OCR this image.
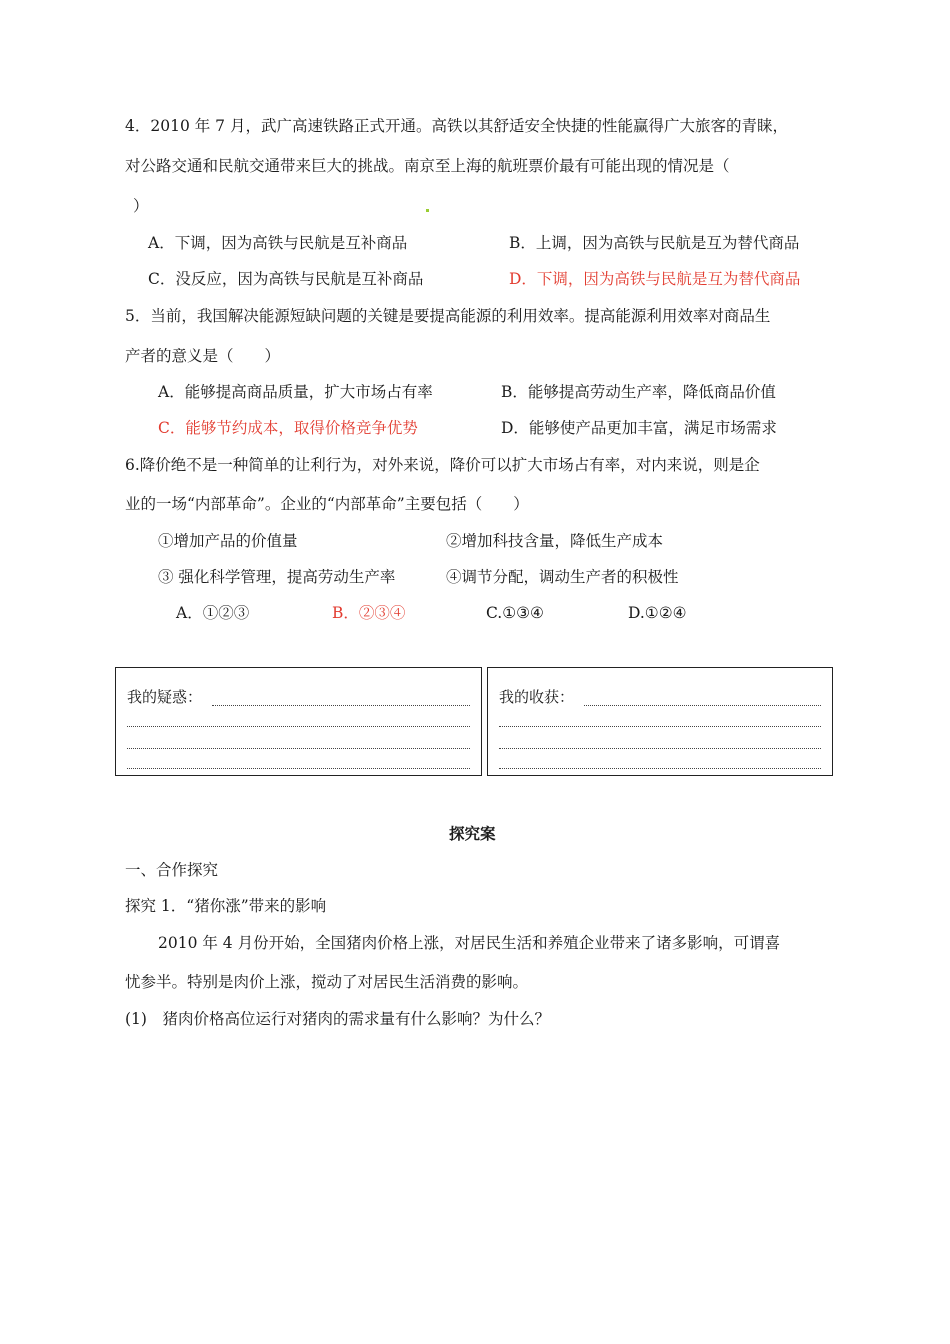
4．2010 年 7 月，武广高速铁路正式开通。高铁以其舒适安全快捷的性能赢得广大旅客的青睐，
对公路交通和民航交通带来巨大的挑战。南京至上海的航班票价最有可能出现的情况是（
）
A．下调，因为高铁与民航是互补商品	B．上调，因为高铁与民航是互为替代商品
C．没反应，因为高铁与民航是互补商品	D．下调，因为高铁与民航是互为替代商品
5．当前，我国解决能源短缺问题的关键是要提高能源的利用效率。提高能源利用效率对商品生
产者的意义是（　　）
A．能够提高商品质量，扩大市场占有率	B．能够提高劳动生产率，降低商品价值
C．能够节约成本，取得价格竞争优势	D．能够使产品更加丰富，满足市场需求
6.降价绝不是一种简单的让利行为，对外来说，降价可以扩大市场占有率，对内来说，则是企
业的一场“内部革命”。企业的“内部革命”主要包括（　　）
①增加产品的价值量	②增加科技含量，降低生产成本
③ 强化科学管理，提高劳动生产率	④调节分配，调动生产者的积极性
A．①②③	B．②③④	C.①③④	D.①②④
我的疑惑：	我的收获：
探究案
一、合作探究
探究 1．“猪你涨”带来的影响
2010 年 4 月份开始，全国猪肉价格上涨，对居民生活和养殖企业带来了诸多影响，可谓喜
忧参半。特别是肉价上涨，搅动了对居民生活消费的影响。
(1)　猪肉价格高位运行对猪肉的需求量有什么影响？为什么？
